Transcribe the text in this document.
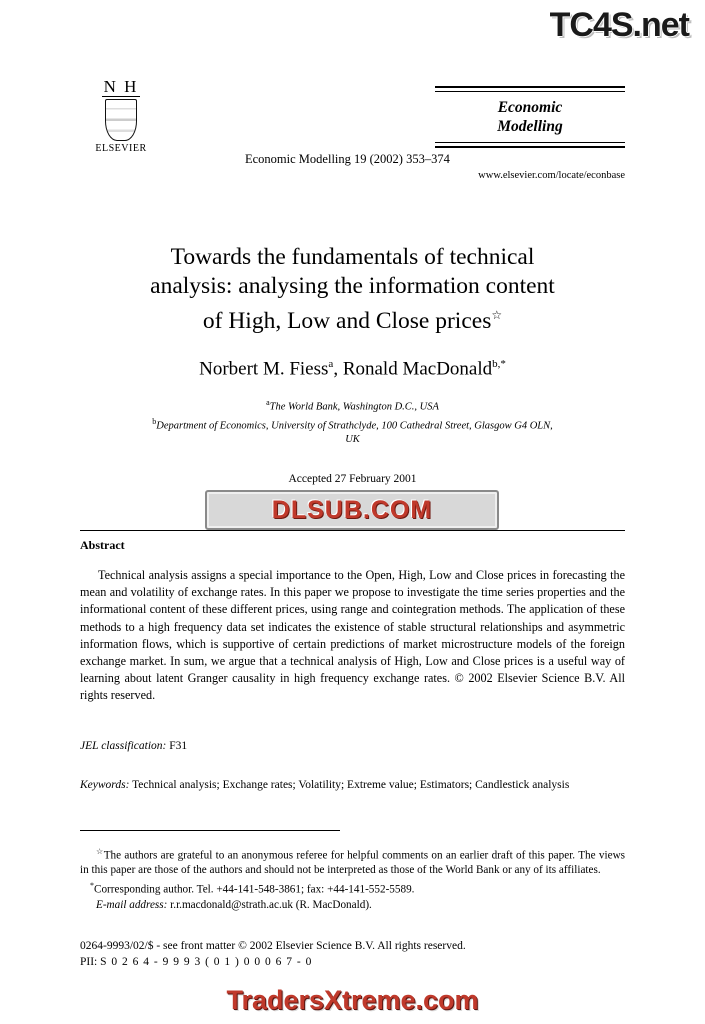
TC4S.net
N H
ELSEVIER
Economic Modelling 19 (2002) 353–374
Economic
Modelling
www.elsevier.com/locate/econbase
Towards the fundamentals of technical
analysis: analysing the information content
of High, Low and Close prices☆
Norbert M. Fiess$^a$, Ronald MacDonald$^{b,*}$
$^a$The World Bank, Washington D.C., USA
$^b$Department of Economics, University of Strathclyde, 100 Cathedral Street, Glasgow G4 OLN,
UK
Accepted 27 February 2001
DLSUB.COM
Abstract
Technical analysis assigns a special importance to the Open, High, Low and Close prices in forecasting the mean and volatility of exchange rates. In this paper we propose to investigate the time series properties and the informational content of these different prices, using range and cointegration methods. The application of these methods to a high frequency data set indicates the existence of stable structural relationships and asymmetric information flows, which is supportive of certain predictions of market microstructure models of the foreign exchange market. In sum, we argue that a technical analysis of High, Low and Close prices is a useful way of learning about latent Granger causality in high frequency exchange rates. © 2002 Elsevier Science B.V. All rights reserved.
JEL classification: F31
Keywords: Technical analysis; Exchange rates; Volatility; Extreme value; Estimators; Candlestick analysis
☆The authors are grateful to an anonymous referee for helpful comments on an earlier draft of this paper. The views in this paper are those of the authors and should not be interpreted as those of the World Bank or any of its affiliates.
*Corresponding author. Tel. +44-141-548-3861; fax: +44-141-552-5589.
E-mail address: r.r.macdonald@strath.ac.uk (R. MacDonald).
0264-9993/02/$ - see front matter © 2002 Elsevier Science B.V. All rights reserved.
PII: S 0 2 6 4 - 9 9 9 3 ( 0 1 ) 0 0 0 6 7 - 0
TradersXtreme.com
